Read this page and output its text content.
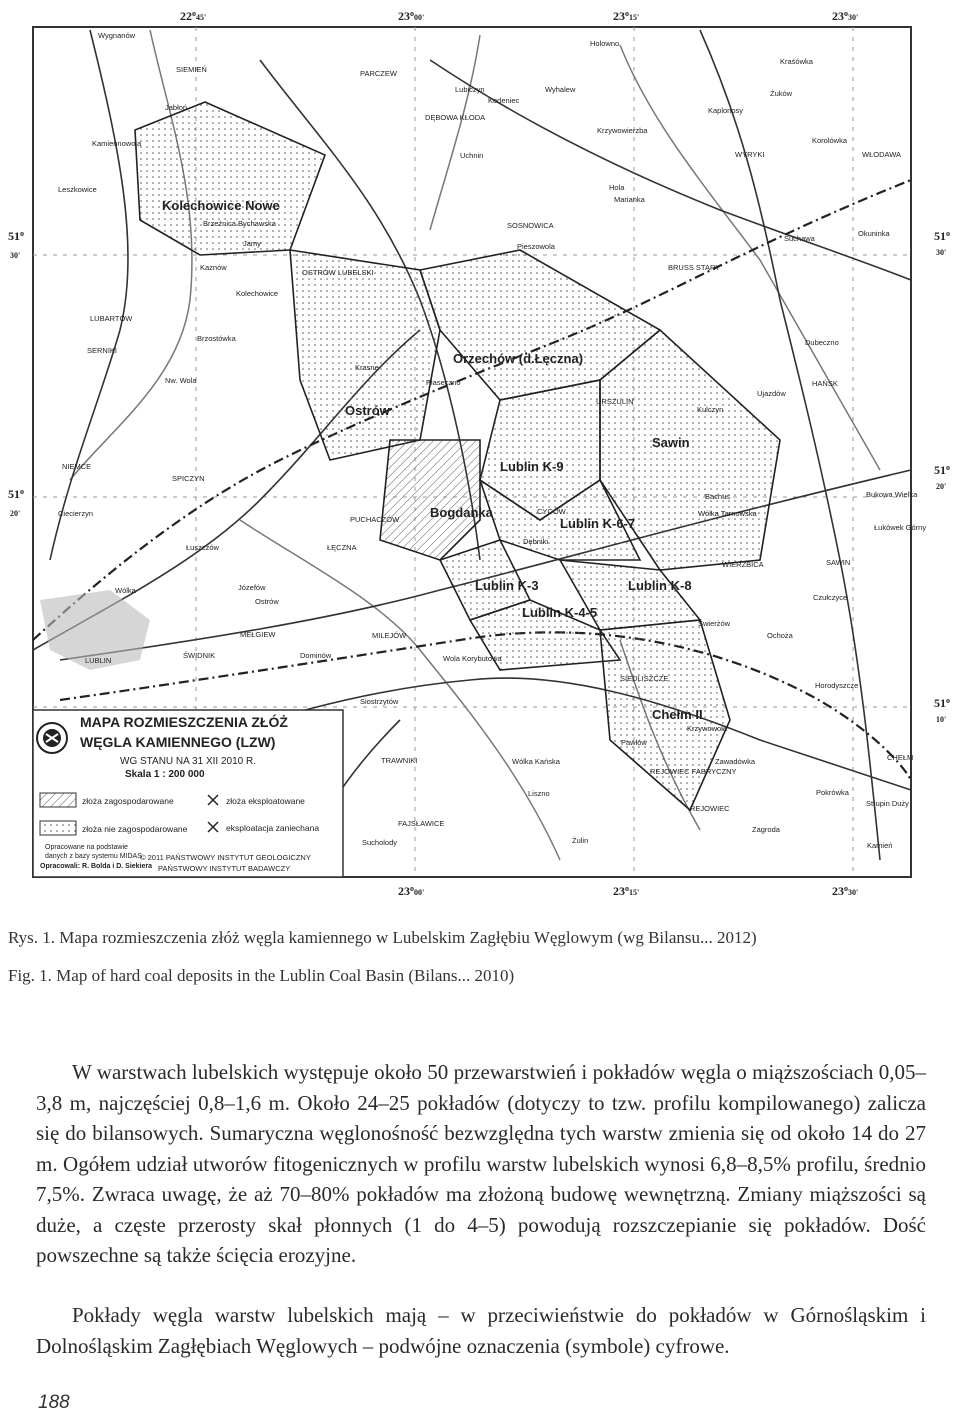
Kolechowice Nowe
Orzechów (d.Łęczna)
Ostrów
Lublin K-9
Sawin
Bogdanka
Lublin K-6-7
Lublin K-3	Lublin K-8
Lublin K-4-5
Chełm II
Wygnanów
SIEMIEŃ	PARCZEW
Holowno
Kraśówka
Żuków
Jabłoń
Lubiczyn	Wyhalew
Kaplonosy
Kamiennowola
DĘBOWA KŁODA
Kodeniec
Krzywowierzba
WYRYKI
Korolówka
WŁODAWA
Leszkowice
Uchnin
Hola
Marianka
Brzeźnica Bychawska
Jamy
SOSNOWICA
Pieszowola
Suchawa
Okuninka
Kaznów
OSTRÓW LUBELSKI
Kolechowice
BRUSS STARY
LUBARTÓW
Brzostówka	Dubeczno
SERNIKI
Krasne
Nw. Wola	Piaseczno	HAŃSK
URSZULIN
Kulczyn
Ujazdów
NIEMCE
SPICZYN
Ciecierzyn
PUCHACZÓW
CYCÓW
Bachus
Wólka Tarnowska
Bukowa Wielka
Dębniki
Łukówek Górny
Łuszczów	ŁĘCZNA
WIERZBICA	SAWIN
Józefów
Wólka
Czułczyce
Ostrów
Świerżów
Ochoża
MEŁGIEW	MILEJÓW
Wola Korybutowa
LUBLIN
ŚWIDNIK	Dominów
SIEDLISZCZE
Horodyszcze
Siostrzytów
Krzywowola
TRAWNIKI
Pawłów
Zawadówka	CHEŁM
Wólka Kańska
REJOWIEC FABRYCZNY
Liszno	Pokrówka
Strupin Duży
FAJSŁAWICE
REJOWIEC
Zagroda
Sucholody	Żulin
Kamień
$22^o_{45'}$	$23^o_{00'}$	$23^o_{15'}$	$23^o_{30'}$
$23^o_{00'}$	$23^o_{15'}$	$23^o_{30'}$
51$^o$
30'
51$^o$
20'
51$^o$
30'
51$^o$
20'
51$^o$
10'
MAPA ROZMIESZCZENIA ZŁÓŻ
WĘGLA KAMIENNEGO (LZW)
WG STANU NA 31 XII 2010 R.
Skala 1 : 200 000
złoża zagospodarowane
złoża nie zagospodarowane
złoża eksploatowane
eksploatacja zaniechana
Opracowane na podstawie
danych z bazy systemu MIDAS
Opracowali: R. Bolda i D. Siekiera
© 2011 PAŃSTWOWY INSTYTUT GEOLOGICZNY
PAŃSTWOWY INSTYTUT BADAWCZY
Rys. 1. Mapa rozmieszczenia złóż węgla kamiennego w Lubelskim Zagłębiu Węglowym (wg Bilansu... 2012)
Fig. 1. Map of hard coal deposits in the Lublin Coal Basin (Bilans... 2010)

W warstwach lubelskich występuje około 50 przewarstwień i pokładów węgla o miąższościach 0,05–3,8 m, najczęściej 0,8–1,6 m. Około 24–25 pokładów (dotyczy to tzw. profilu kompilowanego) zalicza się do bilansowych. Sumaryczna węglonośność bezwzględna tych warstw zmienia się od około 14 do 27 m. Ogółem udział utworów fitogenicznych w profilu warstw lubelskich wynosi 6,8–8,5% profilu, średnio 7,5%. Zwraca uwagę, że aż 70–80% pokładów ma złożoną budowę wewnętrzną. Zmiany miąższości są duże, a częste przerosty skał płonnych (1 do 4–5) powodują rozszczepianie się pokładów. Dość powszechne są także ścięcia erozyjne.

Pokłady węgla warstw lubelskich mają – w przeciwieństwie do pokładów w Górnośląskim i Dolnośląskim Zagłębiach Węglowych – podwójne oznaczenia (symbole) cyfrowe.

188
